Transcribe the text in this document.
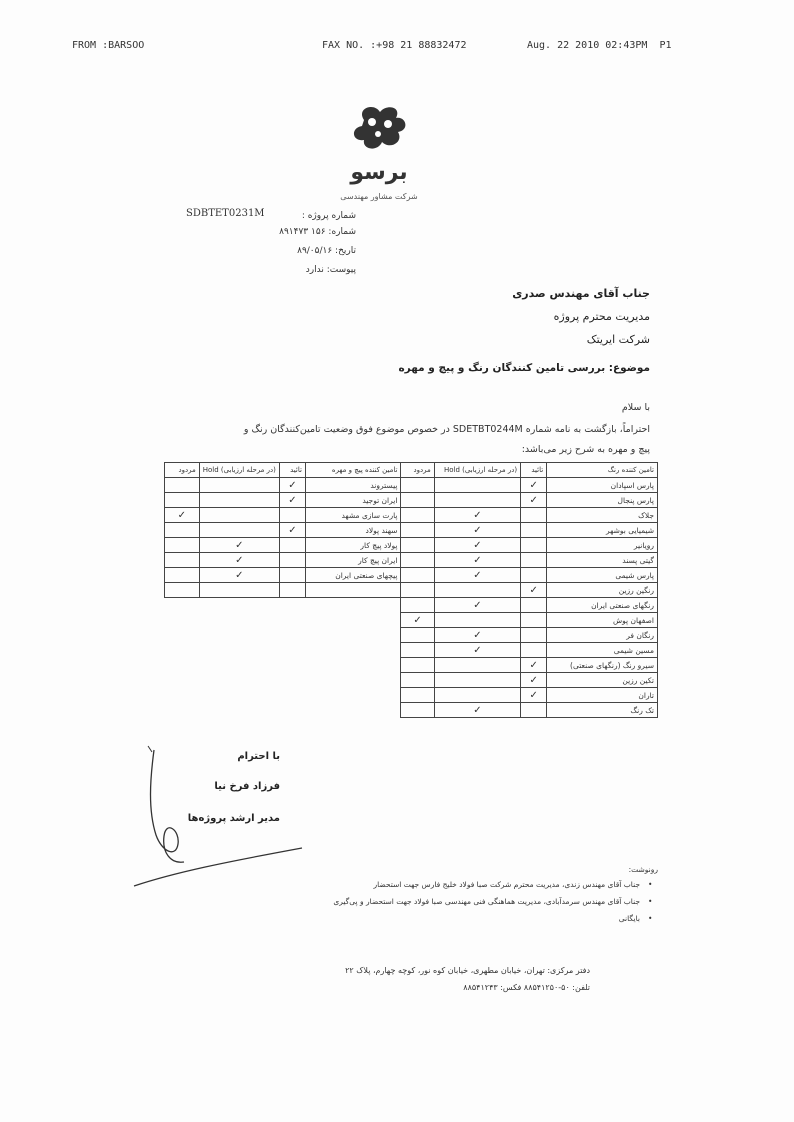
FROM :BARSOO	FAX NO. :+98 21 88832472	Aug. 22 2010 02:43PM  P1
برسو
شرکت مشاور مهندسی
شماره پروژه :
SDBTET0231M
شماره: ۱۵۶ ۸۹۱۴۷۳
تاریخ: ۸۹/۰۵/۱۶
پیوست: ندارد
جناب آقای مهندس صدری
مدیریت محترم پروژه
شرکت ایریتک
موضوع: بررسی تامین کنندگان رنگ و پیچ و مهره
با سلام
احتراماً، بازگشت به نامه شماره SDETBT0244M در خصوص موضوع فوق وضعیت تامین‌کنندگان رنگ و
پیچ و مهره به شرح زیر می‌باشد:
تامین کننده رنگ	تائید	(در مرحله ارزیابی) Hold	مردود	تامین کننده پیچ و مهره	تائید	(در مرحله ارزیابی) Hold	مردود
پارس اسپادان	✓			پیستروند	✓		
پارس پنجال	✓			ایران توجید	✓		
جلاک		✓		پارت سازی مشهد			✓
شیمیایی بوشهر		✓		سهند پولاد	✓		
رویانیر		✓		پولاد پیچ کار		✓	
گیتی پسند		✓		ایران پیچ کار		✓	
پارس شیمی		✓		پیچهای صنعتی ایران		✓	
رنگین رزین	✓						
رنگهای صنعتی ایران		✓					
اصفهان پوش			✓				
رنگان فر		✓					
مسین شیمی		✓					
سیرو رنگ (رنگهای صنعتی)	✓						
تکین رزین	✓						
تاران	✓						
تک رنگ		✓					
با احترام
فرزاد فرخ نیا
مدیر ارشد پروژه‌ها
رونوشت:
جناب آقای مهندس زندی، مدیریت محترم شرکت صبا فولاد خلیج فارس جهت استحضار
جناب آقای مهندس سرمدآبادی، مدیریت هماهنگی فنی مهندسی صبا فولاد جهت استحضار و پی‌گیری
بایگانی
•
•
•
دفتر مرکزی: تهران، خیابان مطهری، خیابان کوه نور، کوچه چهارم، پلاک ۲۲
تلفن: ۵۰-۸۸۵۴۱۲۵۰ فکس: ۸۸۵۴۱۲۴۳
